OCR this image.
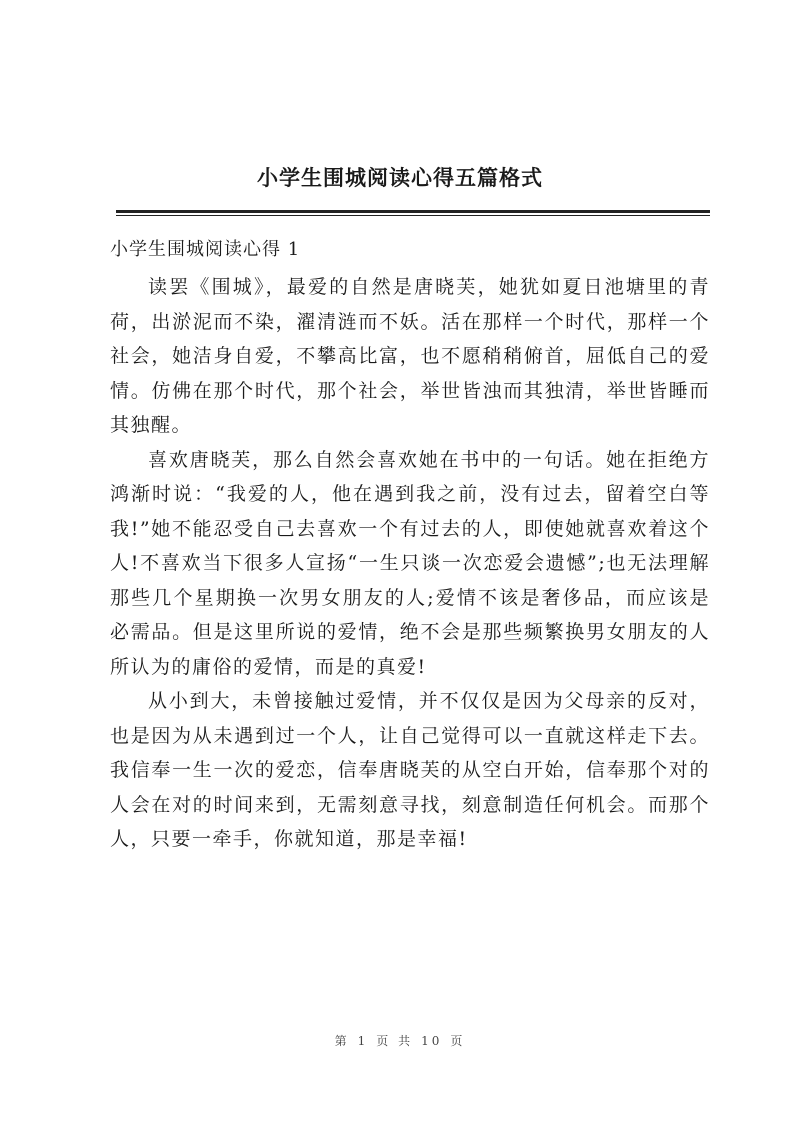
小学生围城阅读心得五篇格式
小学生围城阅读心得 1

读罢《围城》，最爱的自然是唐晓芙，她犹如夏日池塘里的青荷，出淤泥而不染，濯清涟而不妖。活在那样一个时代，那样一个社会，她洁身自爱，不攀高比富，也不愿稍稍俯首，屈低自己的爱情。仿佛在那个时代，那个社会，举世皆浊而其独清，举世皆睡而其独醒。

喜欢唐晓芙，那么自然会喜欢她在书中的一句话。她在拒绝方鸿渐时说：“我爱的人，他在遇到我之前，没有过去，留着空白等我!”她不能忍受自己去喜欢一个有过去的人，即使她就喜欢着这个人!不喜欢当下很多人宣扬“一生只谈一次恋爱会遗憾”;也无法理解那些几个星期换一次男女朋友的人;爱情不该是奢侈品，而应该是必需品。但是这里所说的爱情，绝不会是那些频繁换男女朋友的人所认为的庸俗的爱情，而是的真爱!

从小到大，未曾接触过爱情，并不仅仅是因为父母亲的反对，也是因为从未遇到过一个人，让自己觉得可以一直就这样走下去。我信奉一生一次的爱恋，信奉唐晓芙的从空白开始，信奉那个对的人会在对的时间来到，无需刻意寻找，刻意制造任何机会。而那个人，只要一牵手，你就知道，那是幸福!

第 1 页 共 10 页
